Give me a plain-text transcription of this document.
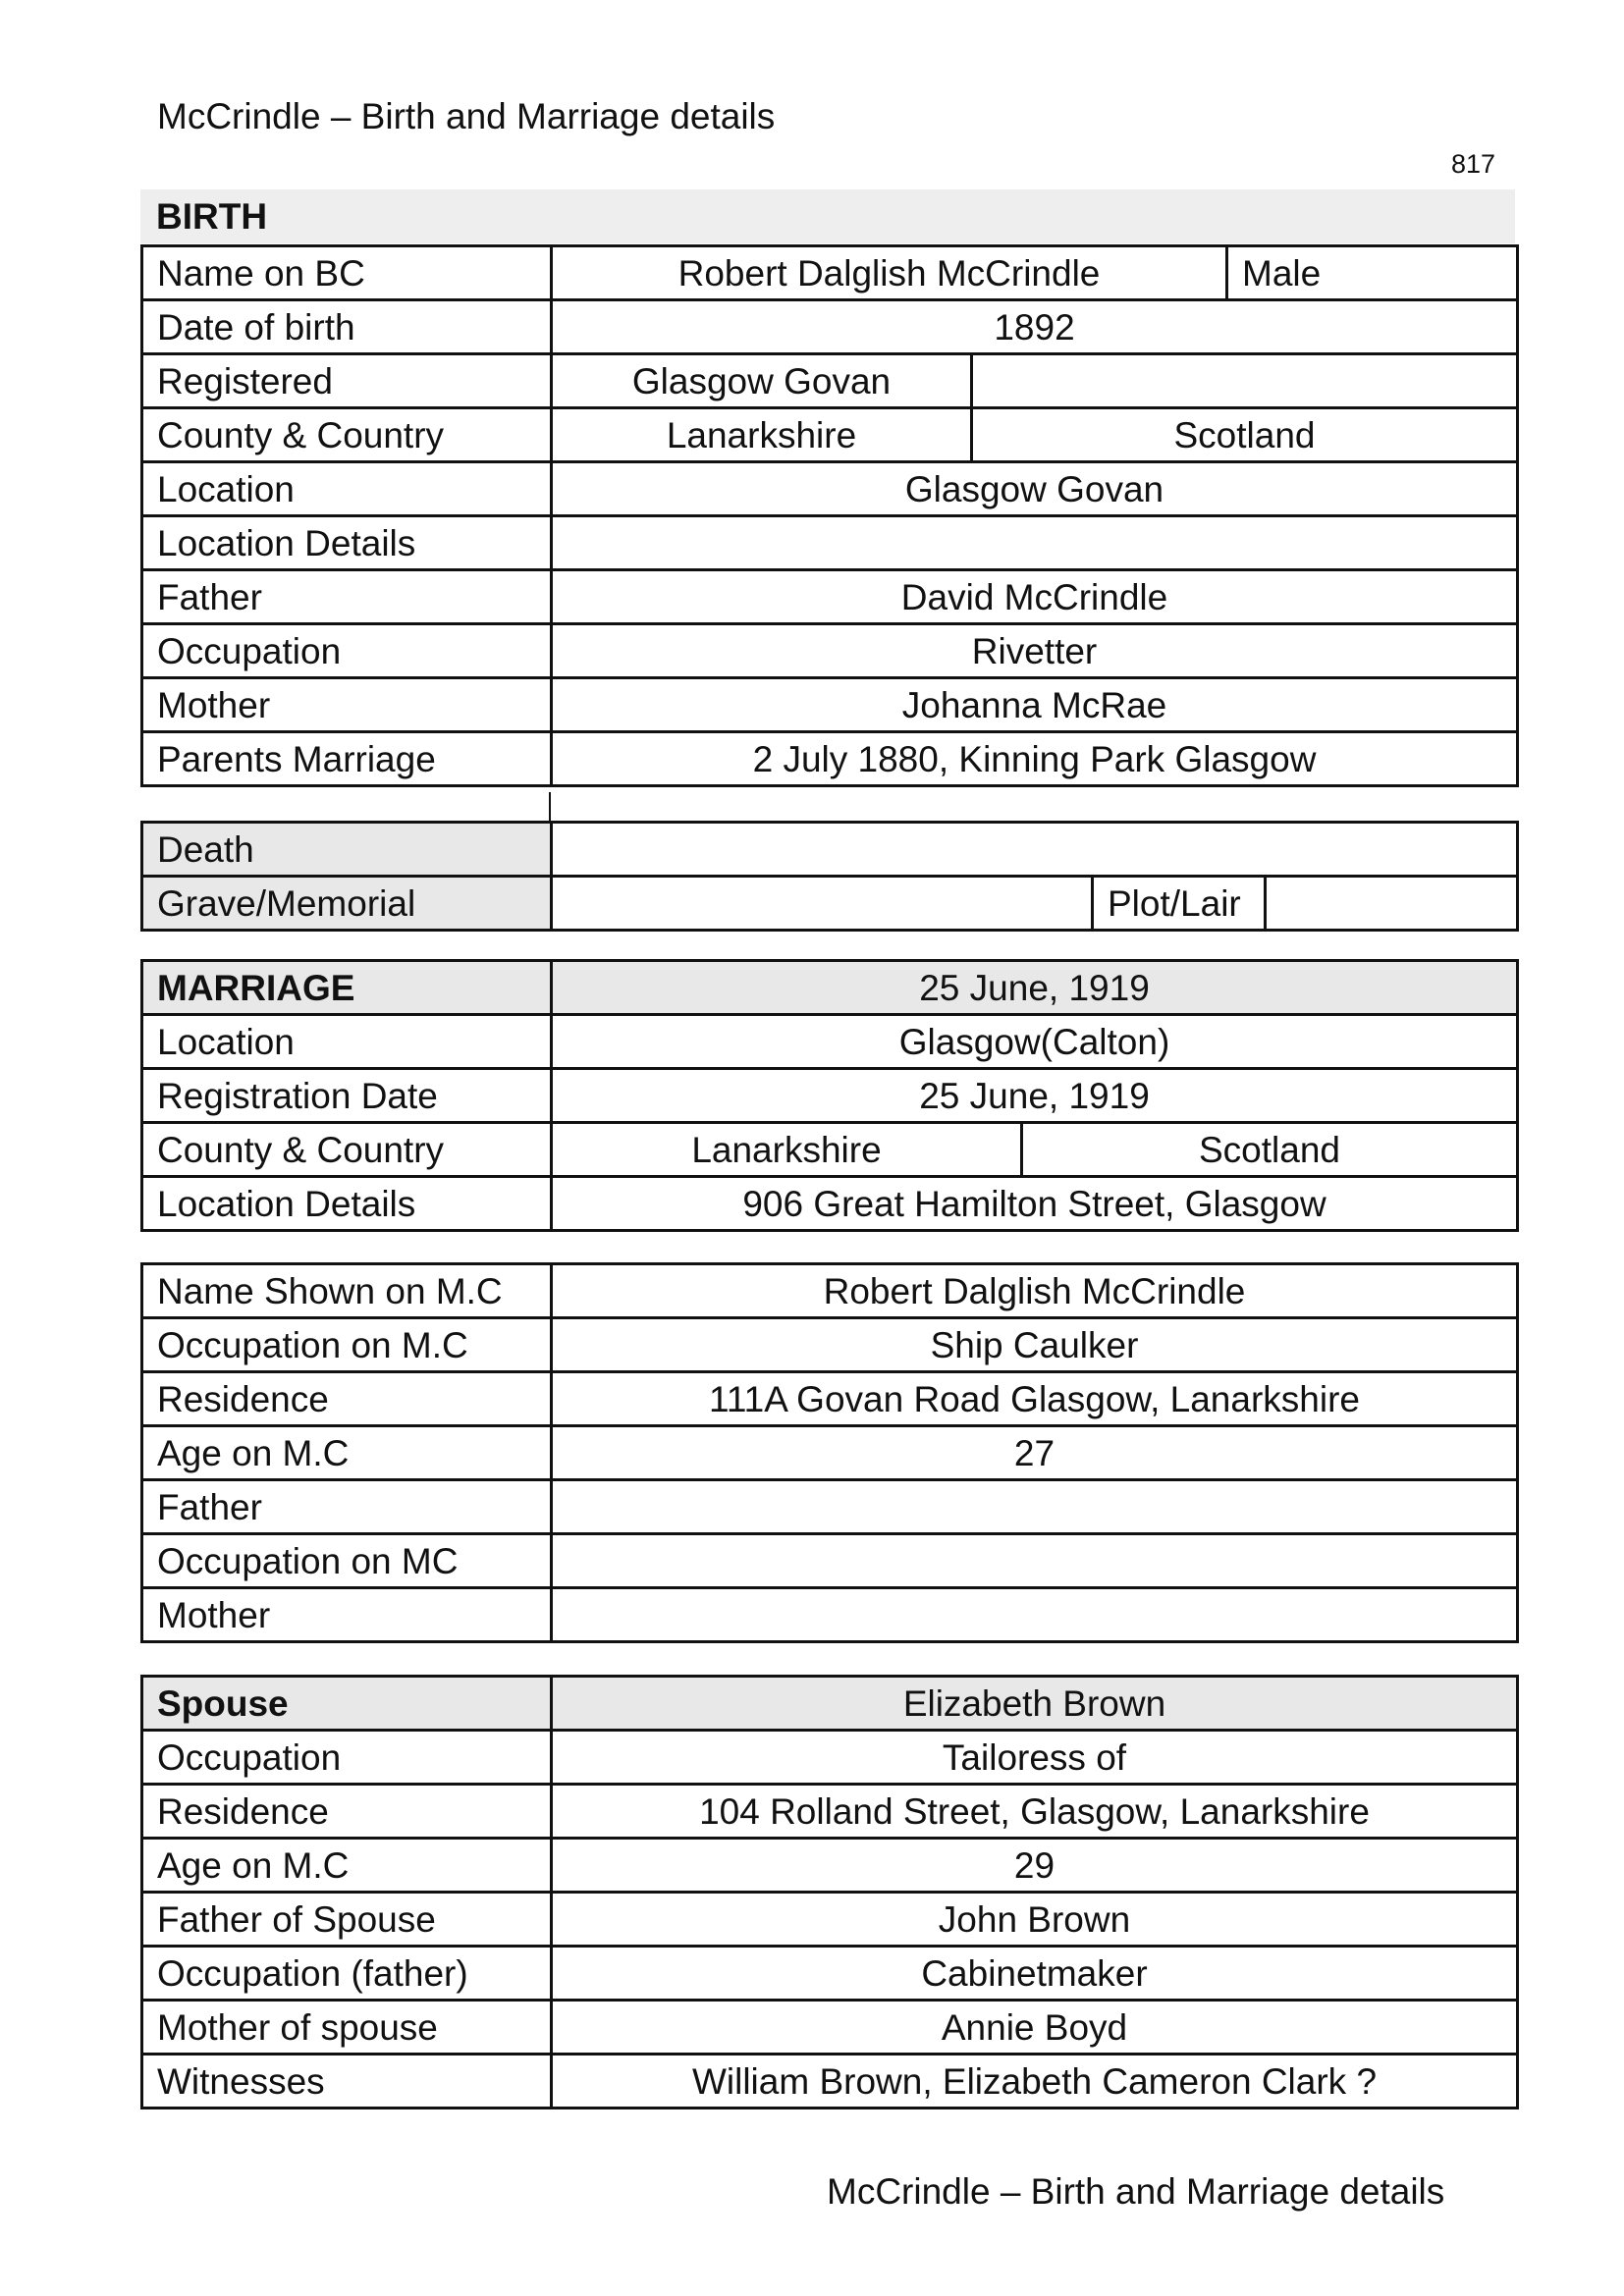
McCrindle – Birth and Marriage details
817
BIRTH
Name on BC	Robert Dalglish McCrindle		Male
Date of birth	1892		
Registered	Glasgow Govan		
County & Country	Lanarkshire	Scotland	
Location	Glasgow Govan		
Location Details			
Father	David McCrindle		
Occupation	Rivetter		
Mother	Johanna McRae		
Parents Marriage	2 July 1880, Kinning Park Glasgow		
Death			
Grave/Memorial		Plot/Lair	
MARRIAGE	25 June, 1919	
Location	Glasgow(Calton)	
Registration Date	25 June, 1919	
County & Country	Lanarkshire	Scotland
Location Details	906 Great Hamilton Street, Glasgow	
Name Shown on M.C	Robert Dalglish McCrindle
Occupation on M.C	Ship Caulker
Residence	111A Govan Road Glasgow, Lanarkshire
Age on M.C	27
Father	
Occupation on MC	
Mother	
Spouse	Elizabeth Brown
Occupation	Tailoress of
Residence	104 Rolland Street, Glasgow, Lanarkshire
Age on M.C	29
Father of Spouse	John Brown
Occupation (father)	Cabinetmaker
Mother of spouse	Annie Boyd
Witnesses	William Brown, Elizabeth Cameron Clark ?
McCrindle – Birth and Marriage details
